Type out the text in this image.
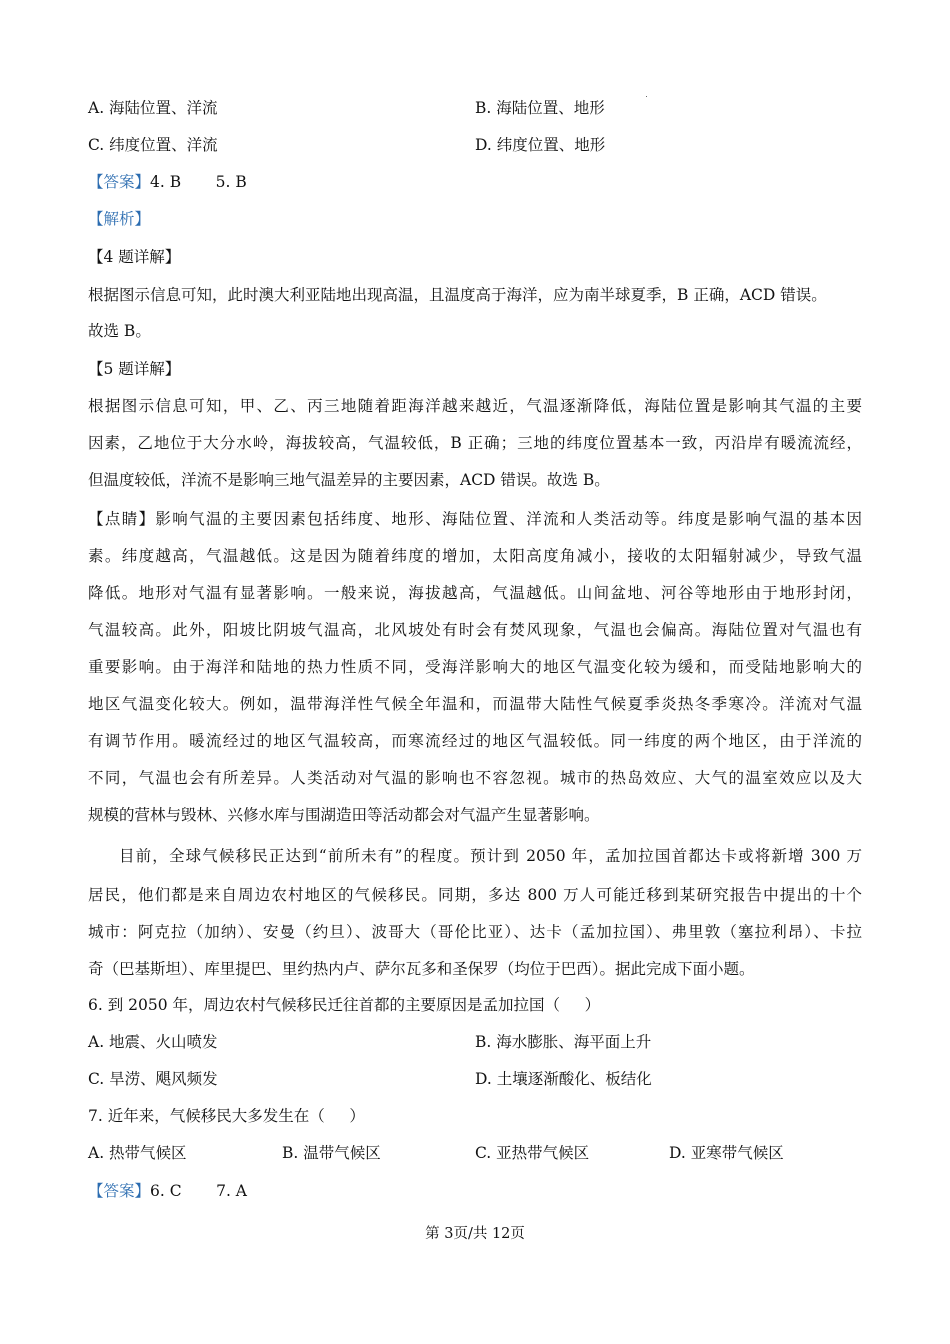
A. 海陆位置、洋流	B. 海陆位置、地形
C. 纬度位置、洋流	D. 纬度位置、地形
【答案】4. B       5. B
【解析】
【4 题详解】
根据图示信息可知，此时澳大利亚陆地出现高温，且温度高于海洋，应为南半球夏季，B 正确，ACD 错误。
故选 B。
【5 题详解】
根据图示信息可知，甲、乙、丙三地随着距海洋越来越近，气温逐渐降低，海陆位置是影响其气温的主要
因素，乙地位于大分水岭，海拔较高，气温较低，B 正确；三地的纬度位置基本一致，丙沿岸有暖流流经，
但温度较低，洋流不是影响三地气温差异的主要因素，ACD 错误。故选 B。
【点睛】影响气温的主要因素包括纬度、地形、海陆位置、洋流和人类活动等。纬度是影响气温的基本因
素。纬度越高，气温越低。这是因为随着纬度的增加，太阳高度角减小，接收的太阳辐射减少，导致气温
降低。地形对气温有显著影响。一般来说，海拔越高，气温越低。山间盆地、河谷等地形由于地形封闭，
气温较高。此外，阳坡比阴坡气温高，北风坡处有时会有焚风现象，气温也会偏高。海陆位置对气温也有
重要影响。由于海洋和陆地的热力性质不同，受海洋影响大的地区气温变化较为缓和，而受陆地影响大的
地区气温变化较大。例如，温带海洋性气候全年温和，而温带大陆性气候夏季炎热冬季寒冷。洋流对气温
有调节作用。暖流经过的地区气温较高，而寒流经过的地区气温较低。同一纬度的两个地区，由于洋流的
不同，气温也会有所差异。人类活动对气温的影响也不容忽视。城市的热岛效应、大气的温室效应以及大
规模的营林与毁林、兴修水库与围湖造田等活动都会对气温产生显著影响。
目前，全球气候移民正达到“前所未有”的程度。预计到 2050 年，孟加拉国首都达卡或将新增 300 万
居民，他们都是来自周边农村地区的气候移民。同期，多达 800 万人可能迁移到某研究报告中提出的十个
城市：阿克拉（加纳）、安曼（约旦）、波哥大（哥伦比亚）、达卡（孟加拉国）、弗里敦（塞拉利昂）、卡拉
奇（巴基斯坦）、库里提巴、里约热内卢、萨尔瓦多和圣保罗（均位于巴西）。据此完成下面小题。
6. 到 2050 年，周边农村气候移民迁往首都的主要原因是孟加拉国（     ）
A. 地震、火山喷发	B. 海水膨胀、海平面上升
C. 旱涝、飓风频发	D. 土壤逐渐酸化、板结化
7. 近年来，气候移民大多发生在（     ）
A. 热带气候区	B. 温带气候区	C. 亚热带气候区	D. 亚寒带气候区
【答案】6. C       7. A
第 3页/共 12页
